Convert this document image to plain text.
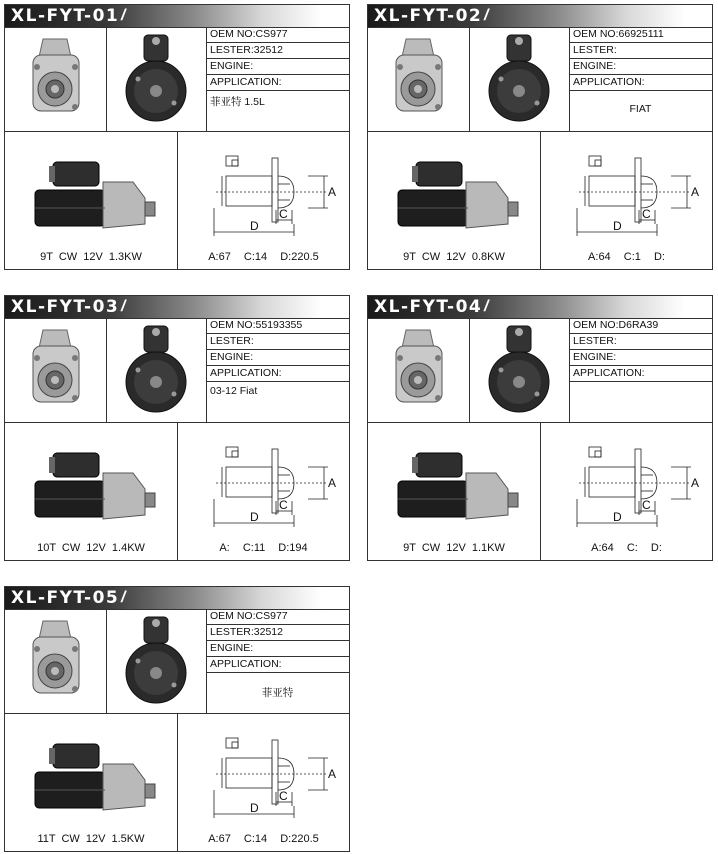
XL-FYT-01 /
OEM NO:CS977
LESTER:32512
ENGINE:
APPLICATION:
菲亚特 1.5L
9T CW 12V 1.3KW
A
C
D
A:67 C:14 D:220.5
XL-FYT-02 /
OEM NO:66925111
LESTER:
ENGINE:
APPLICATION:
FIAT
9T CW 12V 0.8KW
A
C
D
A:64 C:1 D:
XL-FYT-03 /
OEM NO:55193355
LESTER:
ENGINE:
APPLICATION:
03-12 Fiat
10T CW 12V 1.4KW
A
C
D
A: C:11 D:194
XL-FYT-04 /
OEM NO:D6RA39
LESTER:
ENGINE:
APPLICATION:
9T CW 12V 1.1KW
A
C
D
A:64 C: D:
XL-FYT-05 /
OEM NO:CS977
LESTER:32512
ENGINE:
APPLICATION:
菲亚特
11T CW 12V 1.5KW
A
C
D
A:67 C:14 D:220.5
